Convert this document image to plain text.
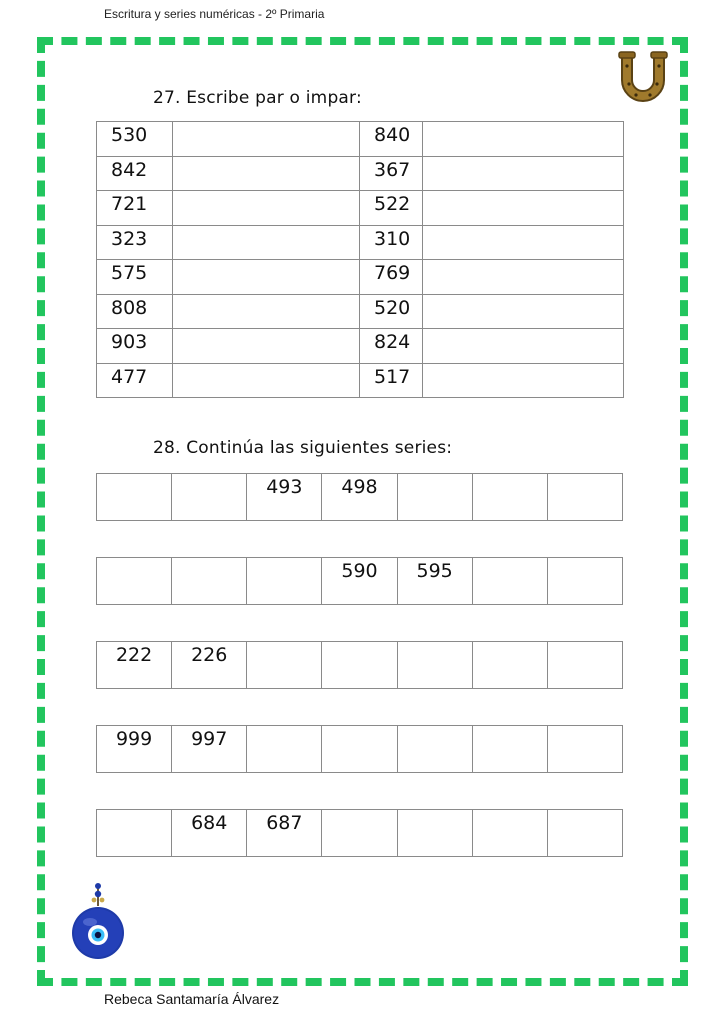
Escritura y series numéricas - 2º Primaria
27. Escribe par o impar:
530		840	
842		367	
721		522	
323		310	
575		769	
808		520	
903		824	
477		517	
28. Continúa las siguientes series:
		493	498			
			590	595		
222	226					
999	997					
	684	687				
Rebeca Santamaría Álvarez
